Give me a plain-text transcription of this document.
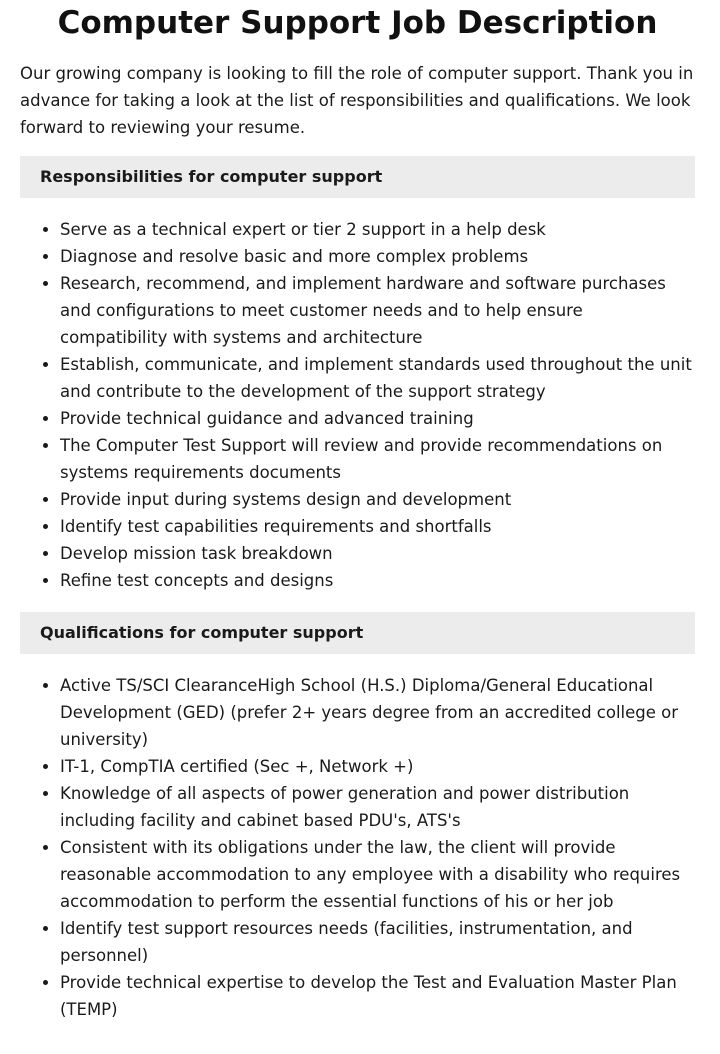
Computer Support Job Description

Our growing company is looking to fill the role of computer support. Thank you in advance for taking a look at the list of responsibilities and qualifications. We look forward to reviewing your resume.

Responsibilities for computer support
Serve as a technical expert or tier 2 support in a help desk
Diagnose and resolve basic and more complex problems
Research, recommend, and implement hardware and software purchases and configurations to meet customer needs and to help ensure compatibility with systems and architecture
Establish, communicate, and implement standards used throughout the unit and contribute to the development of the support strategy
Provide technical guidance and advanced training
The Computer Test Support will review and provide recommendations on systems requirements documents
Provide input during systems design and development
Identify test capabilities requirements and shortfalls
Develop mission task breakdown
Refine test concepts and designs
Qualifications for computer support
Active TS/SCI ClearanceHigh School (H.S.) Diploma/General Educational Development (GED) (prefer 2+ years degree from an accredited college or university)
IT-1, CompTIA certified (Sec +, Network +)
Knowledge of all aspects of power generation and power distribution including facility and cabinet based PDU's, ATS's
Consistent with its obligations under the law, the client will provide reasonable accommodation to any employee with a disability who requires accommodation to perform the essential functions of his or her job
Identify test support resources needs (facilities, instrumentation, and personnel)
Provide technical expertise to develop the Test and Evaluation Master Plan (TEMP)
